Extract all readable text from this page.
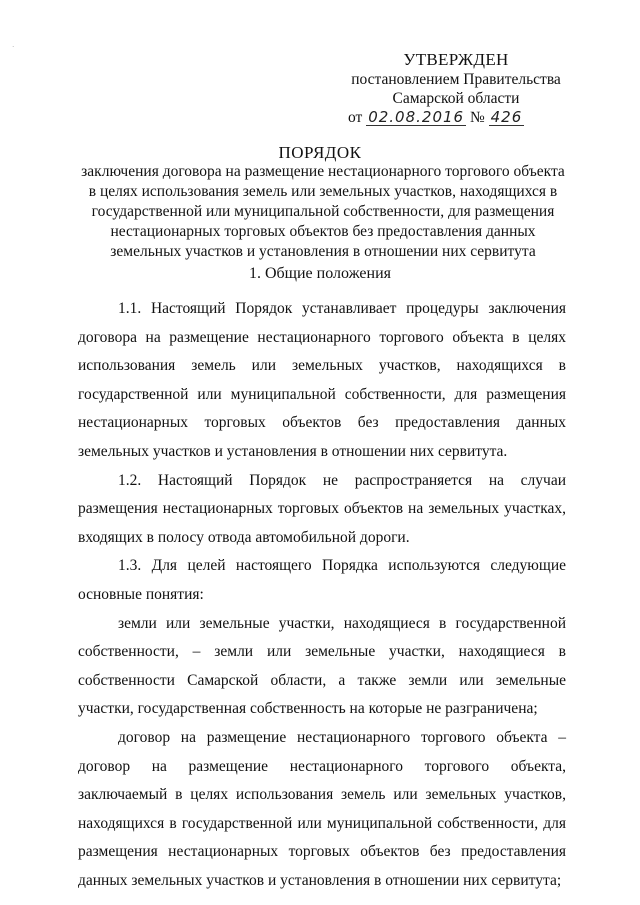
·
УТВЕРЖДЕН
постановлением Правительства
Самарской области
от 02.08.2016 № 426
ПОРЯДОК
заключения договора на размещение нестационарного торгового объекта в целях использования земель или земельных участков, находящихся в государственной или муниципальной собственности, для размещения нестационарных торговых объектов без предоставления данных земельных участков и установления в отношении них сервитута
1. Общие положения

1.1. Настоящий Порядок устанавливает процедуры заключения договора на размещение нестационарного торгового объекта в целях использования земель или земельных участков, находящихся в государственной или муниципальной собственности, для размещения нестационарных торговых объектов без предоставления данных земельных участков и установления в отношении них сервитута.

1.2. Настоящий Порядок не распространяется на случаи размещения нестационарных торговых объектов на земельных участках, входящих в полосу отвода автомобильной дороги.

1.3. Для целей настоящего Порядка используются следующие основные понятия:

земли или земельные участки, находящиеся в государственной собственности, – земли или земельные участки, находящиеся в собственности Самарской области, а также земли или земельные участки, государственная собственность на которые не разграничена;

договор на размещение нестационарного торгового объекта – договор на размещение нестационарного торгового объекта, заключаемый в целях использования земель или земельных участков, находящихся в государственной или муниципальной собственности, для размещения нестационарных торговых объектов без предоставления данных земельных участков и установления в отношении них сервитута;
